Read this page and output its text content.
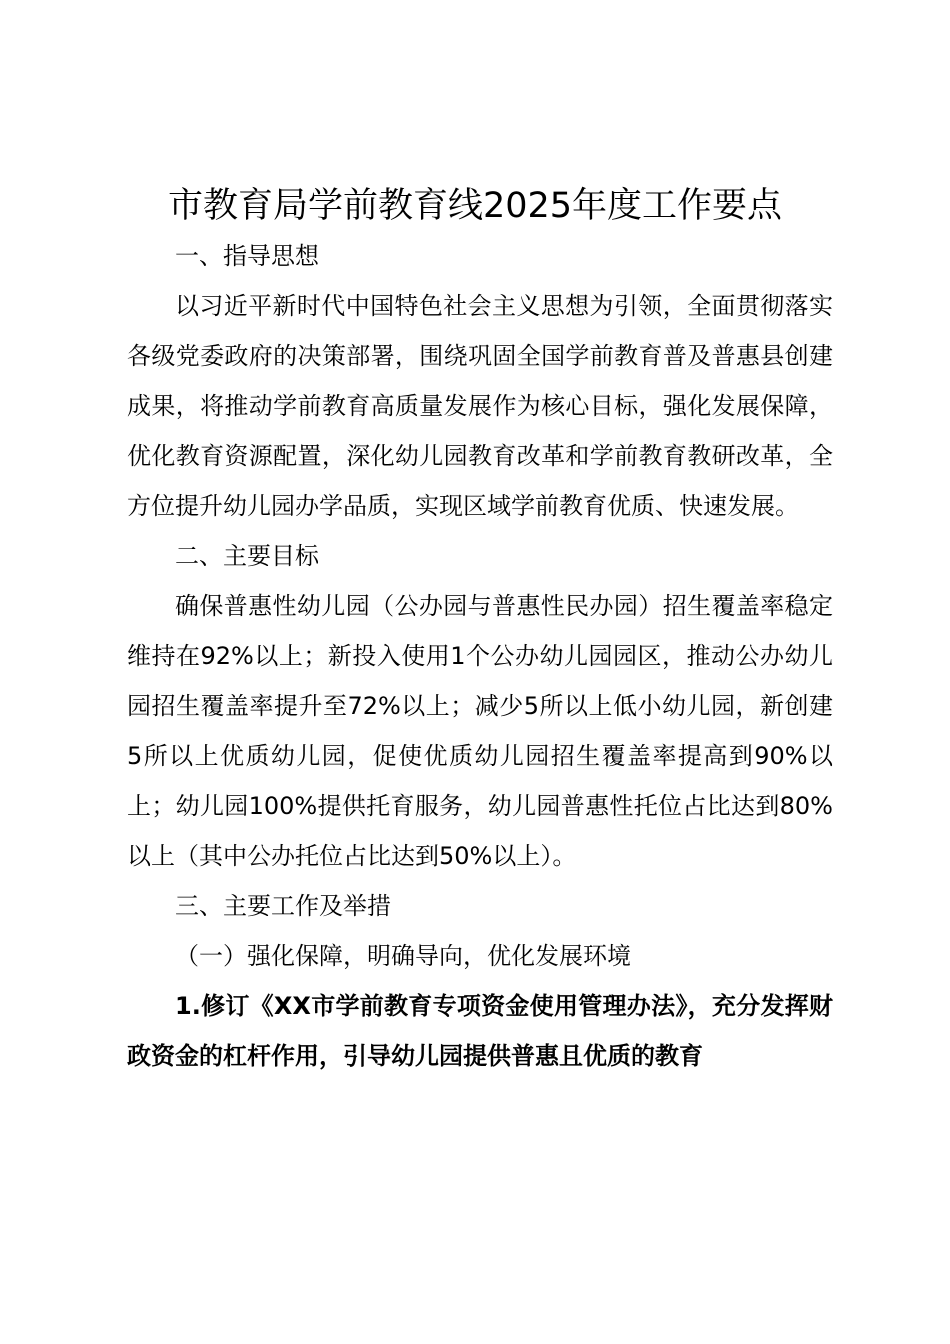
市教育局学前教育线2025年度工作要点

一、指导思想

以习近平新时代中国特色社会主义思想为引领，全面贯彻落实各级党委政府的决策部署，围绕巩固全国学前教育普及普惠县创建成果，将推动学前教育高质量发展作为核心目标，强化发展保障，优化教育资源配置，深化幼儿园教育改革和学前教育教研改革，全方位提升幼儿园办学品质，实现区域学前教育优质、快速发展。

二、主要目标

确保普惠性幼儿园（公办园与普惠性民办园）招生覆盖率稳定维持在92%以上；新投入使用1个公办幼儿园园区，推动公办幼儿园招生覆盖率提升至72%以上；减少5所以上低小幼儿园，新创建5所以上优质幼儿园，促使优质幼儿园招生覆盖率提高到90%以上；幼儿园100%提供托育服务，幼儿园普惠性托位占比达到80%以上（其中公办托位占比达到50%以上）。

三、主要工作及举措

（一）强化保障，明确导向，优化发展环境

1.修订《XX市学前教育专项资金使用管理办法》，充分发挥财政资金的杠杆作用，引导幼儿园提供普惠且优质的教育
